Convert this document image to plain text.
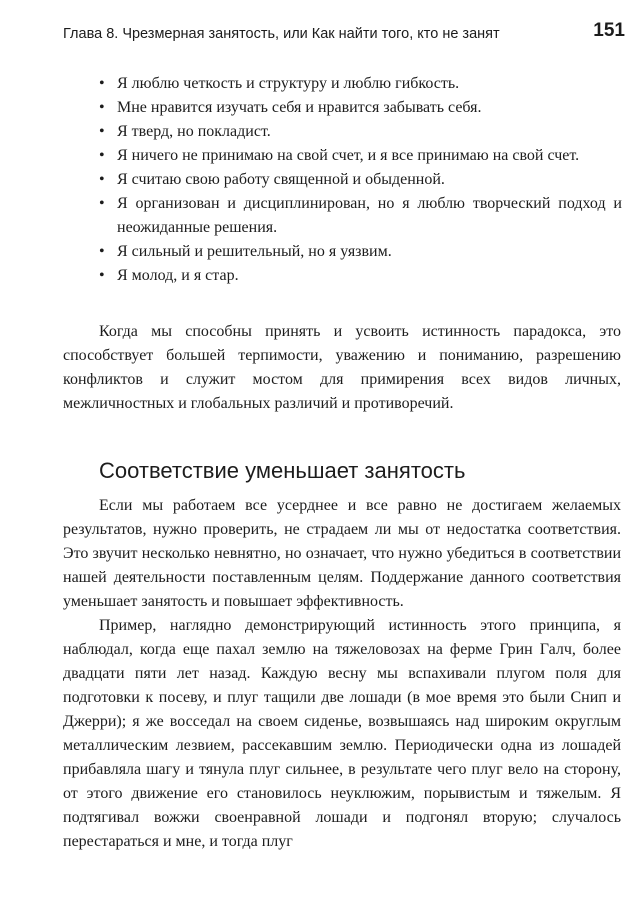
Глава 8. Чрезмерная занятость, или Как найти того, кто не занят	151
• Я люблю четкость и структуру и люблю гибкость.
• Мне нравится изучать себя и нравится забывать себя.
• Я тверд, но покладист.
• Я ничего не принимаю на свой счет, и я все принимаю на свой счет.
• Я считаю свою работу священной и обыденной.
• Я организован и дисциплинирован, но я люблю творческий подход и неожиданные решения.
• Я сильный и решительный, но я уязвим.
• Я молод, и я стар.

Когда мы способны принять и усвоить истинность парадокса, это способствует большей терпимости, уважению и пониманию, разрешению конфликтов и служит мостом для примирения всех видов личных, межличностных и глобальных различий и противоречий.

Соответствие уменьшает занятость

Если мы работаем все усерднее и все равно не достигаем желаемых результатов, нужно проверить, не страдаем ли мы от недостатка соответствия. Это звучит несколько невнятно, но означает, что нужно убедиться в соответствии нашей деятельности поставленным целям. Поддержание данного соответствия уменьшает занятость и повышает эффективность.

Пример, наглядно демонстрирующий истинность этого принципа, я наблюдал, когда еще пахал землю на тяжеловозах на ферме Грин Галч, более двадцати пяти лет назад. Каждую весну мы вспахивали плугом поля для подготовки к посеву, и плуг тащили две лошади (в мое время это были Снип и Джерри); я же восседал на своем сиденье, возвышаясь над широким округлым металлическим лезвием, рассекавшим землю. Периодически одна из лошадей прибавляла шагу и тянула плуг сильнее, в результате чего плуг вело на сторону, от этого движение его становилось неуклюжим, порывистым и тяжелым. Я подтягивал вожжи своенравной лошади и подгонял вторую; случалось перестараться и мне, и тогда плуг
